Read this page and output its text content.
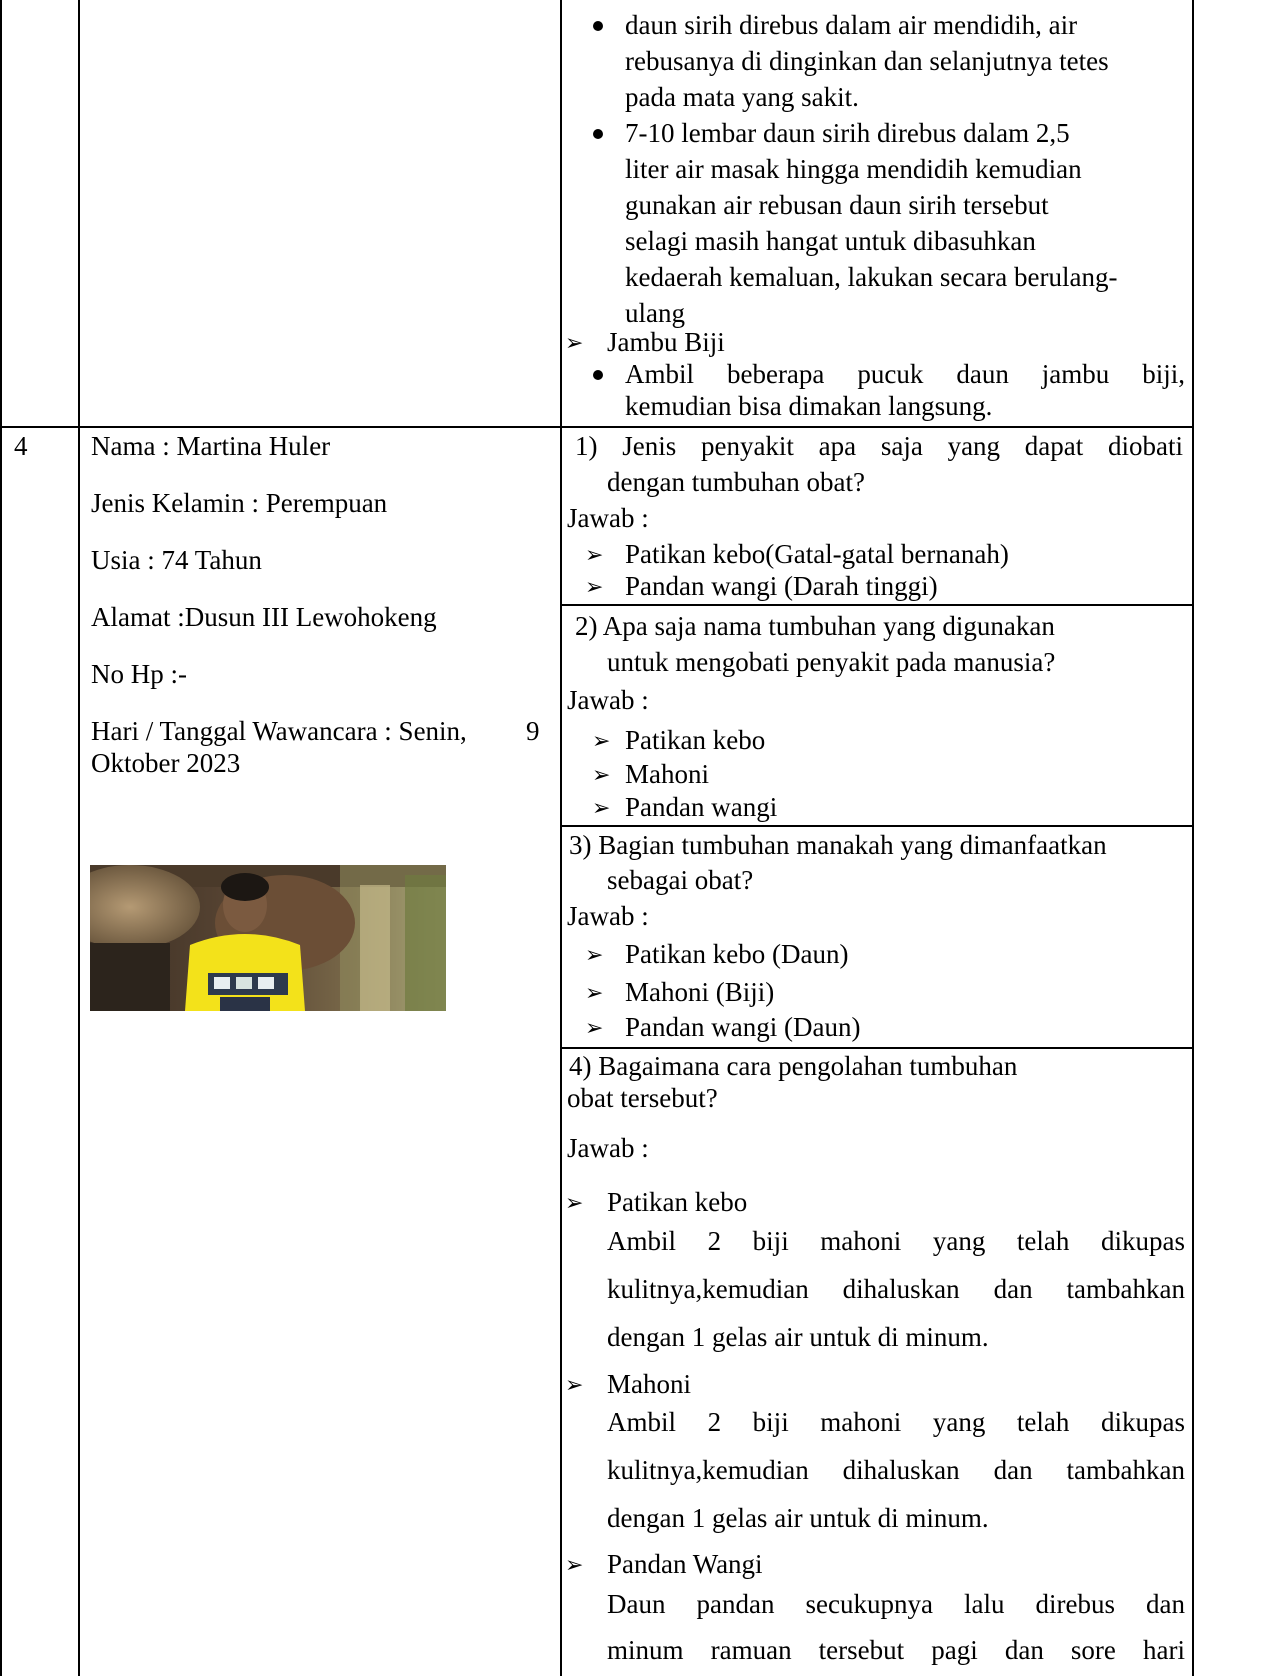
daun sirih direbus dalam air mendidih, air
rebusanya di dinginkan dan selanjutnya tetes
pada mata yang sakit.
7-10 lembar daun sirih direbus dalam 2,5
liter air masak hingga mendidih kemudian
gunakan air rebusan daun sirih tersebut
selagi masih hangat untuk dibasuhkan
kedaerah kemaluan, lakukan secara berulang-
ulang
➢ Jambu Biji
Ambil beberapa pucuk daun jambu biji,
kemudian bisa dimakan langsung.
4 Nama : Martina Huler
Jenis Kelamin : Perempuan
Usia : 74 Tahun
Alamat :Dusun III Lewohokeng
No Hp :-
Hari / Tanggal Wawancara : Senin, 9
Oktober 2023
1) Jenis penyakit apa saja yang dapat diobati
dengan tumbuhan obat?
Jawab :
➢ Patikan kebo(Gatal-gatal bernanah)
➢ Pandan wangi (Darah tinggi)
2) Apa saja nama tumbuhan yang digunakan
untuk mengobati penyakit pada manusia?
Jawab :
➢ Patikan kebo
➢ Mahoni
➢ Pandan wangi
3) Bagian tumbuhan manakah yang dimanfaatkan
sebagai obat?
Jawab :
➢ Patikan kebo (Daun)
➢ Mahoni (Biji)
➢ Pandan wangi (Daun)
4) Bagaimana cara pengolahan tumbuhan
obat tersebut?
Jawab :
➢ Patikan kebo
Ambil 2 biji mahoni yang telah dikupas
kulitnya,kemudian dihaluskan dan tambahkan
dengan 1 gelas air untuk di minum.
➢ Mahoni
Ambil 2 biji mahoni yang telah dikupas
kulitnya,kemudian dihaluskan dan tambahkan
dengan 1 gelas air untuk di minum.
➢ Pandan Wangi
Daun pandan secukupnya lalu direbus dan
minum ramuan tersebut pagi dan sore hari
